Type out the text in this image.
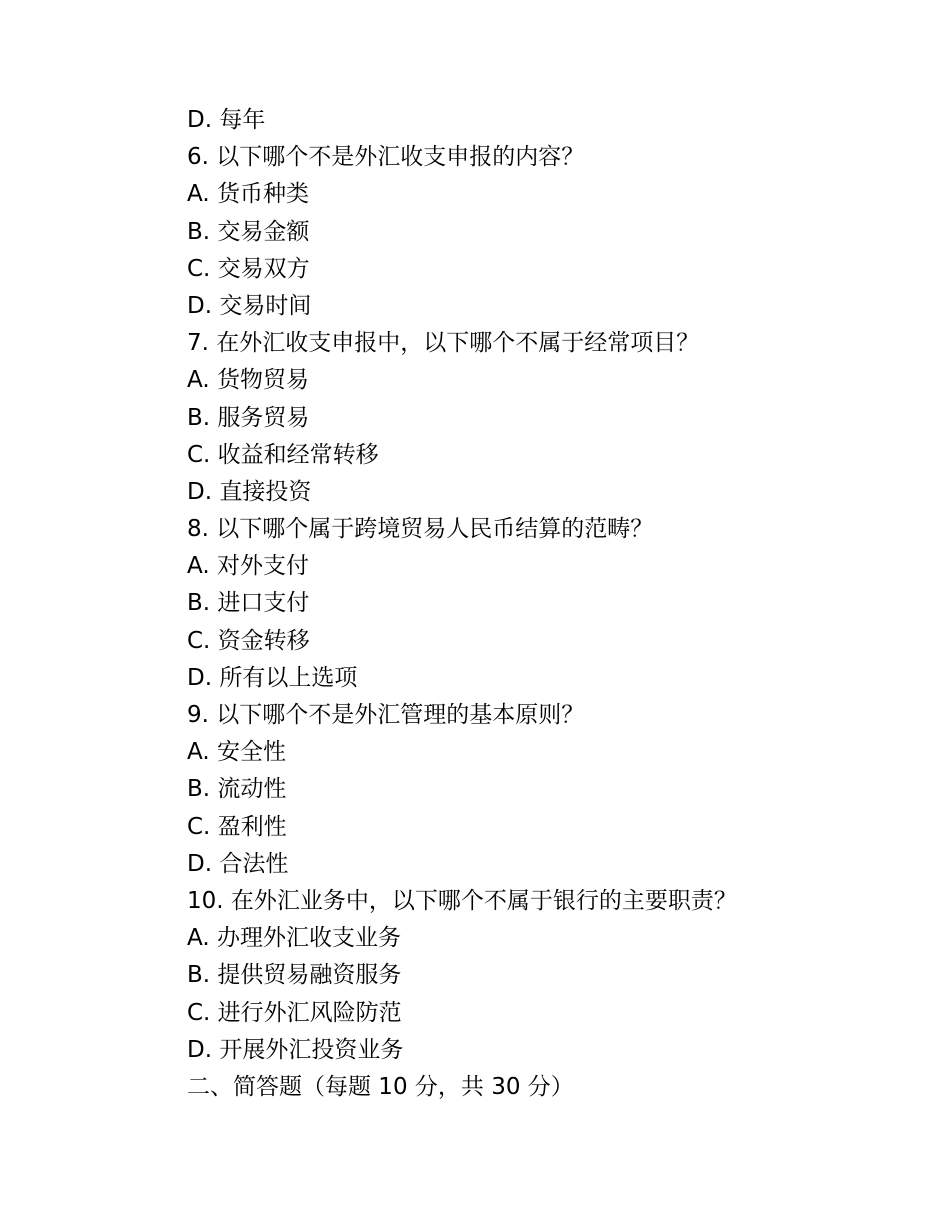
D. 每年
6. 以下哪个不是外汇收支申报的内容？
A. 货币种类
B. 交易金额
C. 交易双方
D. 交易时间
7. 在外汇收支申报中，以下哪个不属于经常项目？
A. 货物贸易
B. 服务贸易
C. 收益和经常转移
D. 直接投资
8. 以下哪个属于跨境贸易人民币结算的范畴？
A. 对外支付
B. 进口支付
C. 资金转移
D. 所有以上选项
9. 以下哪个不是外汇管理的基本原则？
A. 安全性
B. 流动性
C. 盈利性
D. 合法性
10. 在外汇业务中，以下哪个不属于银行的主要职责？
A. 办理外汇收支业务
B. 提供贸易融资服务
C. 进行外汇风险防范
D. 开展外汇投资业务
二、简答题（每题 10 分，共 30 分）
